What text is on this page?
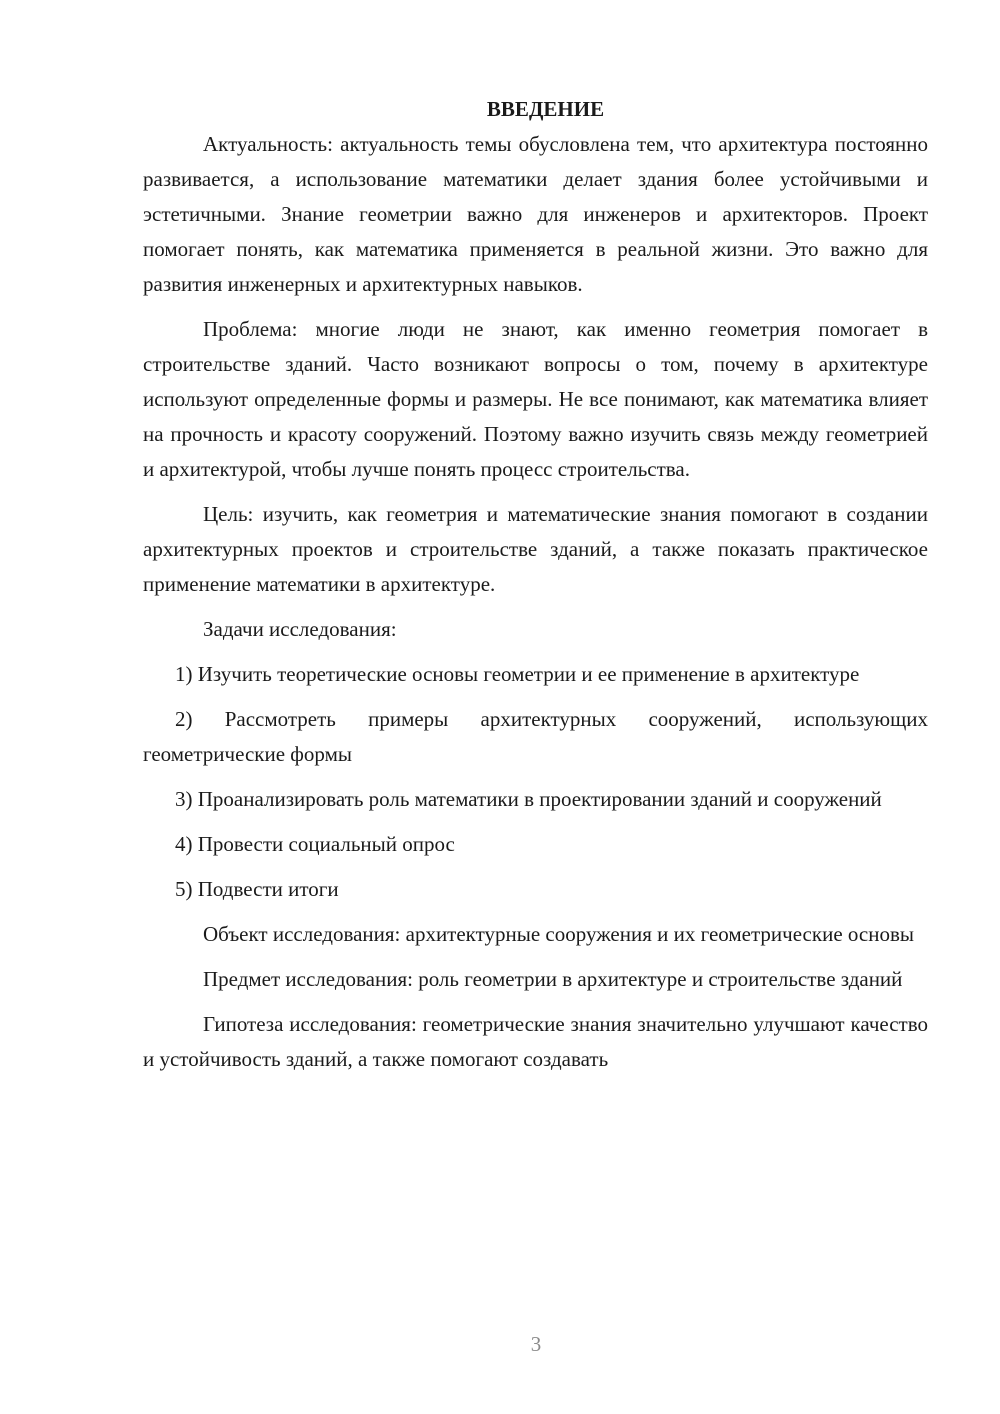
ВВЕДЕНИЕ

Актуальность: актуальность темы обусловлена тем, что архитектура постоянно развивается, а использование математики делает здания более устойчивыми и эстетичными. Знание геометрии важно для инженеров и архитекторов. Проект помогает понять, как математика применяется в реальной жизни. Это важно для развития инженерных и архитектурных навыков.

Проблема: многие люди не знают, как именно геометрия помогает в строительстве зданий. Часто возникают вопросы о том, почему в архитектуре используют определенные формы и размеры. Не все понимают, как математика влияет на прочность и красоту сооружений. Поэтому важно изучить связь между геометрией и архитектурой, чтобы лучше понять процесс строительства.

Цель: изучить, как геометрия и математические знания помогают в создании архитектурных проектов и строительстве зданий, а также показать практическое применение математики в архитектуре.

Задачи исследования:

1) Изучить теоретические основы геометрии и ее применение в архитектуре

2) Рассмотреть примеры архитектурных сооружений, использующих геометрические формы

3) Проанализировать роль математики в проектировании зданий и сооружений

4) Провести социальный опрос

5) Подвести итоги

Объект исследования: архитектурные сооружения и их геометрические основы

Предмет исследования: роль геометрии в архитектуре и строительстве зданий

Гипотеза исследования: геометрические знания значительно улучшают качество и устойчивость зданий, а также помогают создавать

3
